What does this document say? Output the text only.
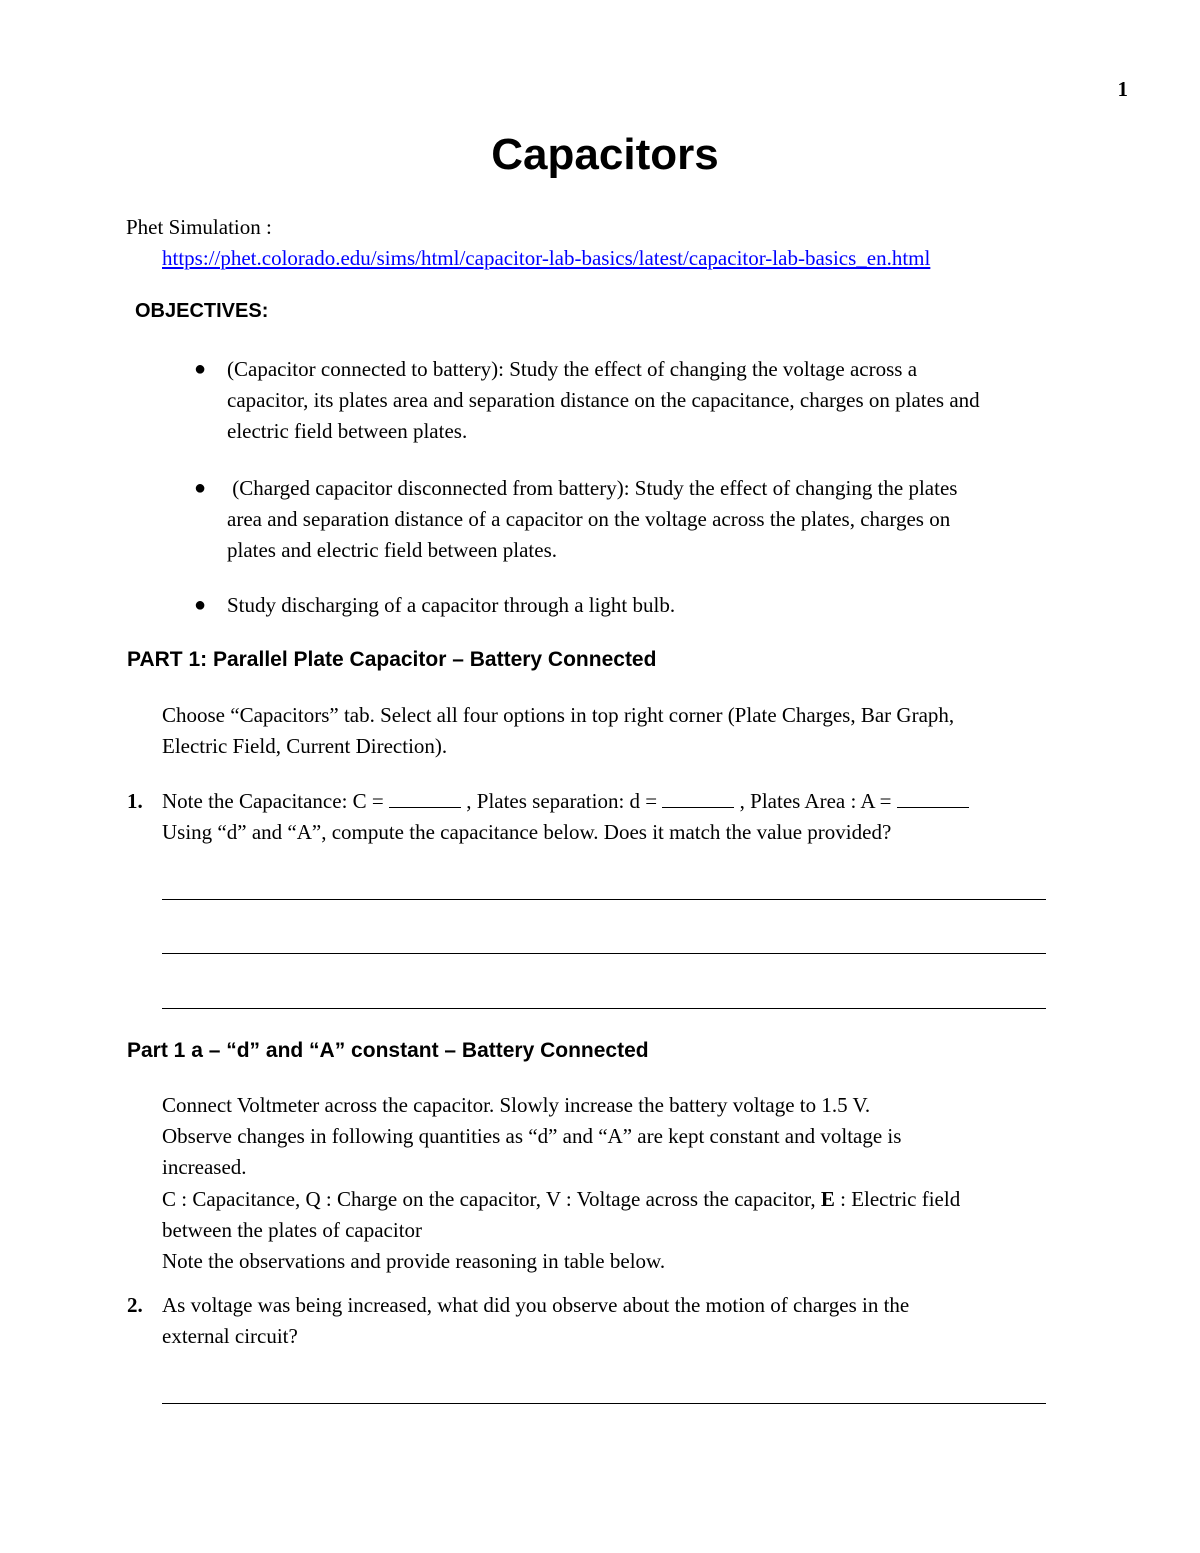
1
Capacitors
Phet Simulation :
https://phet.colorado.edu/sims/html/capacitor-lab-basics/latest/capacitor-lab-basics_en.html
OBJECTIVES:
● (Capacitor connected to battery): Study the effect of changing the voltage across a
capacitor, its plates area and separation distance on the capacitance, charges on plates and
electric field between plates.
● (Charged capacitor disconnected from battery): Study the effect of changing the plates
area and separation distance of a capacitor on the voltage across the plates, charges on
plates and electric field between plates.
● Study discharging of a capacitor through a light bulb.
PART 1: Parallel Plate Capacitor – Battery Connected
Choose “Capacitors” tab. Select all four options in top right corner (Plate Charges, Bar Graph,
Electric Field, Current Direction).
1. Note the Capacitance: C =	, Plates separation: d =	, Plates Area : A =
Using “d” and “A”, compute the capacitance below. Does it match the value provided?
Part 1 a – “d” and “A” constant – Battery Connected
Connect Voltmeter across the capacitor. Slowly increase the battery voltage to 1.5 V.
Observe changes in following quantities as “d” and “A” are kept constant and voltage is
increased.
C : Capacitance, Q : Charge on the capacitor, V : Voltage across the capacitor, E : Electric field
between the plates of capacitor
Note the observations and provide reasoning in table below.
2. As voltage was being increased, what did you observe about the motion of charges in the
external circuit?
